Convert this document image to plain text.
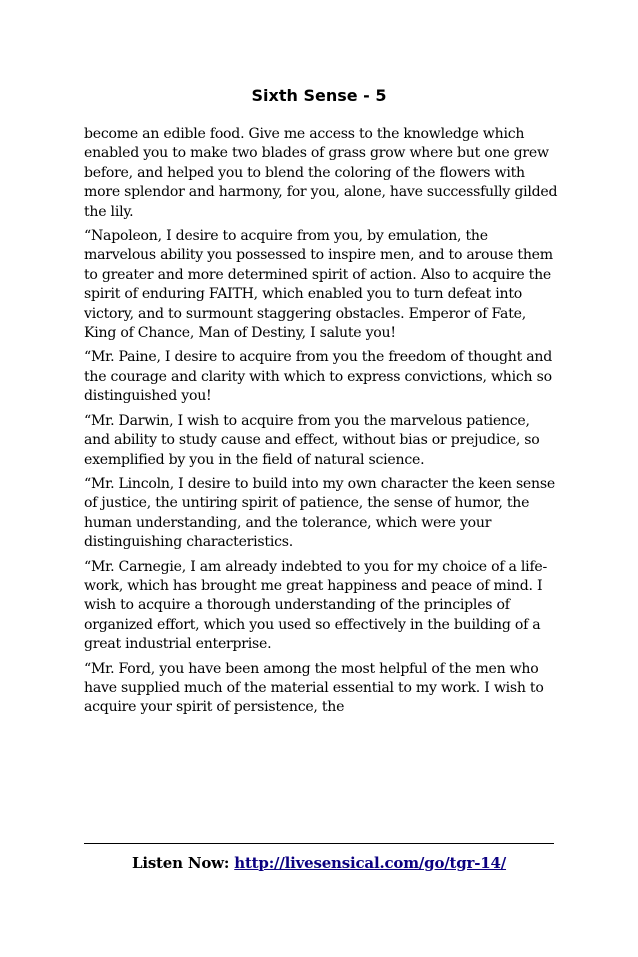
Sixth Sense - 5

become an edible food. Give me access to the knowledge which enabled you to make two blades of grass grow where but one grew before, and helped you to blend the coloring of the flowers with more splendor and harmony, for you, alone, have successfully gilded the lily.

“Napoleon, I desire to acquire from you, by emulation, the marvelous ability you possessed to inspire men, and to arouse them to greater and more determined spirit of action. Also to acquire the spirit of enduring FAITH, which enabled you to turn defeat into victory, and to surmount staggering obstacles. Emperor of Fate, King of Chance, Man of Destiny, I salute you!

“Mr. Paine, I desire to acquire from you the freedom of thought and the courage and clarity with which to express convictions, which so distinguished you!

“Mr. Darwin, I wish to acquire from you the marvelous patience, and ability to study cause and effect, without bias or prejudice, so exemplified by you in the field of natural science.

“Mr. Lincoln, I desire to build into my own character the keen sense of justice, the untiring spirit of patience, the sense of humor, the human understanding, and the tolerance, which were your distinguishing characteristics.

“Mr. Carnegie, I am already indebted to you for my choice of a life-work, which has brought me great happiness and peace of mind. I wish to acquire a thorough understanding of the principles of organized effort, which you used so effectively in the building of a great industrial enterprise.

“Mr. Ford, you have been among the most helpful of the men who have supplied much of the material essential to my work. I wish to acquire your spirit of persistence, the

Listen Now: http://livesensical.com/go/tgr-14/
